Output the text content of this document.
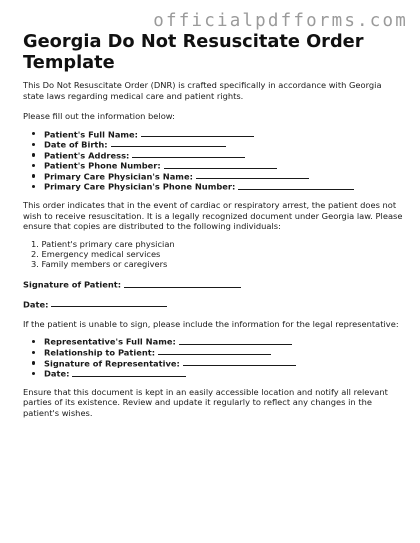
officialpdfforms.com
Georgia Do Not Resuscitate Order
Template

This Do Not Resuscitate Order (DNR) is crafted specifically in accordance with Georgia state laws regarding medical care and patient rights.

Please fill out the information below:

Patient's Full Name:
Date of Birth:
Patient's Address:
Patient's Phone Number:
Primary Care Physician's Name:
Primary Care Physician's Phone Number:

This order indicates that in the event of cardiac or respiratory arrest, the patient does not wish to receive resuscitation. It is a legally recognized document under Georgia law. Please ensure that copies are distributed to the following individuals:

1. Patient's primary care physician
2. Emergency medical services
3. Family members or caregivers
Signature of Patient:
Date:

If the patient is unable to sign, please include the information for the legal representative:

Representative's Full Name:
Relationship to Patient:
Signature of Representative:
Date:

Ensure that this document is kept in an easily accessible location and notify all relevant parties of its existence. Review and update it regularly to reflect any changes in the patient's wishes.
